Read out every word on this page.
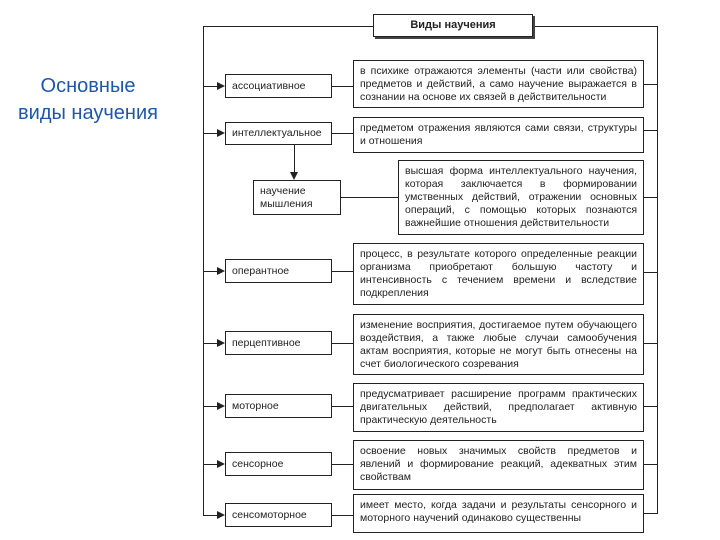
Основные виды научения
Виды научения
ассоциативное
в психике отражаются элементы (части или свойства) предметов и действий, а само научение выражается в сознании на основе их связей в действительности
интеллектуальное	предметом отражения являются сами связи, структуры и отношения
научение мышления
высшая форма интеллектуального научения, которая заключается в формировании умственных действий, отражении основных операций, с помощью которых познаются важнейшие отношения действительности
оперантное
процесс, в результате которого определенные реакции организма приобретают большую частоту и интенсивность с течением времени и вследствие подкрепления
перцептивное
изменение восприятия, достигаемое путем обучающего воздействия, а также любые случаи самообучения актам восприятия, которые не могут быть отнесены на счет биологического созревания
моторное
предусматривает расширение программ практических двигательных действий, предполагает активную практическую деятельность
сенсорное
освоение новых значимых свойств предметов и явлений и формирование реакций, адекватных этим свойствам
сенсомоторное
имеет место, когда задачи и результаты сенсорного и моторного научений одинаково существенны
